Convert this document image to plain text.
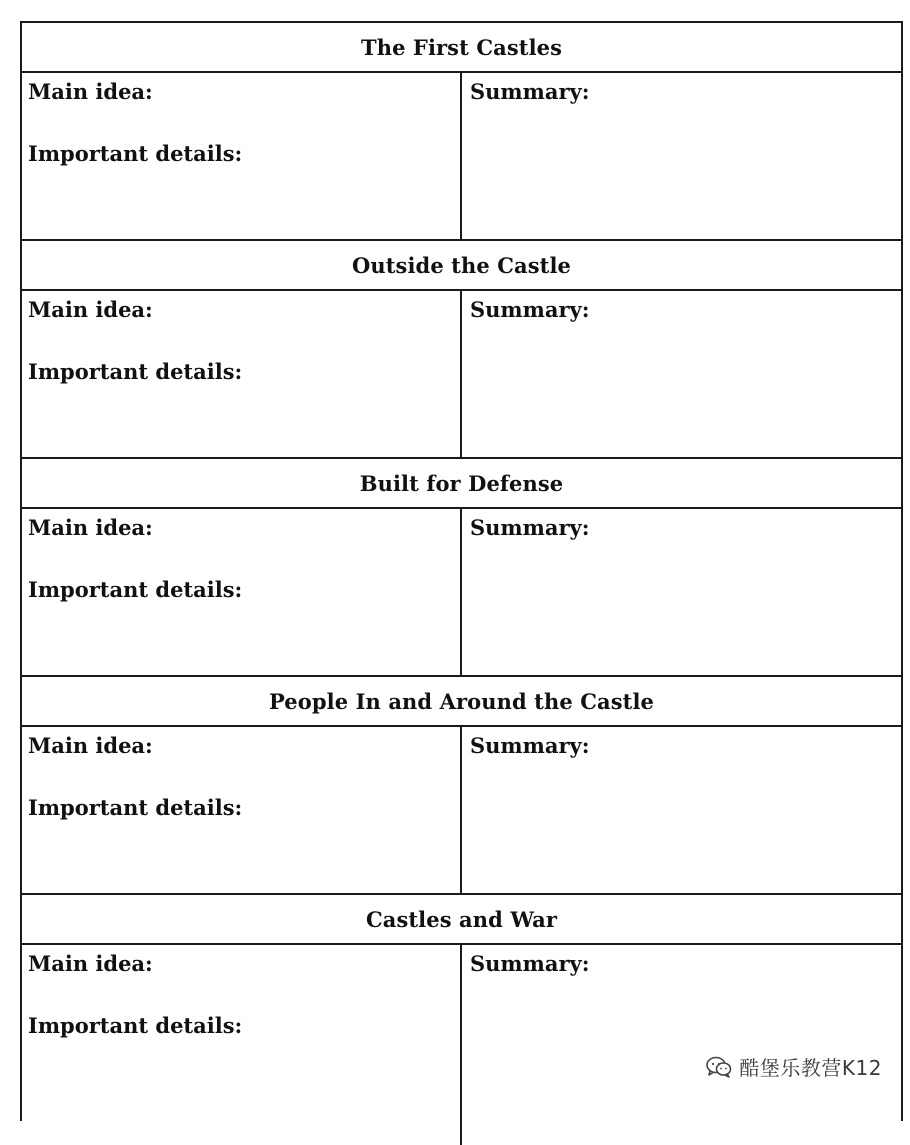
The First Castles
Main idea:
Important details:
Summary:
Outside the Castle
Main idea:
Important details:
Summary:
Built for Defense
Main idea:
Important details:
Summary:
People In and Around the Castle
Main idea:
Important details:
Summary:
Castles and War
Main idea:
Important details:
Summary:
酷堡乐教营K12
